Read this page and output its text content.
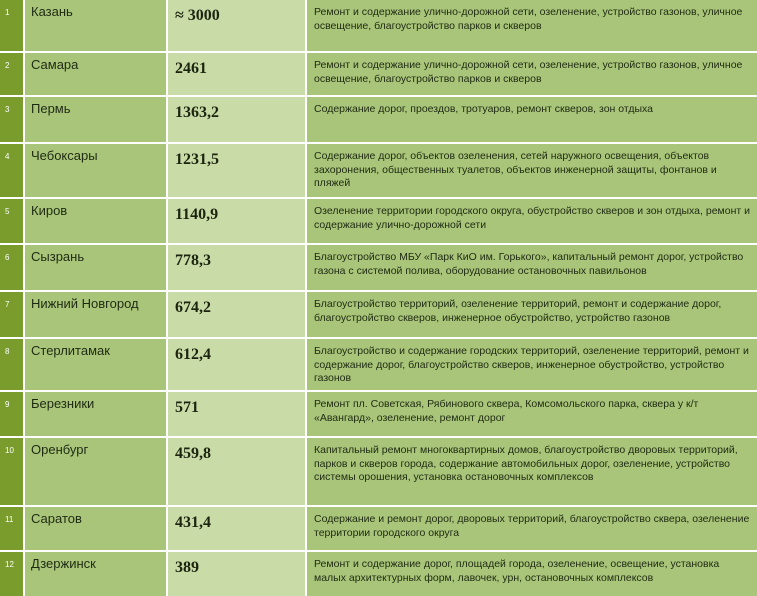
1	Казань	≈ 3000	Ремонт и содержание улично-дорожной сети, озеленение, устройство газонов, уличное освещение, благоустройство парков и скверов
2	Самара	2461	Ремонт и содержание улично-дорожной сети, озеленение, устройство газонов, уличное освещение, благоустройство парков и скверов
3	Пермь	1363,2	Содержание дорог, проездов, тротуаров, ремонт скверов, зон отдыха
4	Чебоксары	1231,5	Содержание дорог, объектов озеленения, сетей наружного освещения, объектов захоронения, общественных туалетов, объектов инженерной защиты, фонтанов и пляжей
5	Киров	1140,9	Озеленение территории городского округа, обустройство скверов и зон отдыха, ремонт и содержание улично-дорожной сети
6	Сызрань	778,3	Благоустройство МБУ «Парк КиО им. Горького», капитальный ремонт дорог, устройство газона с системой полива, оборудование остановочных павильонов
7	Нижний Новгород	674,2	Благоустройство территорий, озеленение территорий, ремонт и содержание дорог, благоустройство скверов, инженерное обустройство, устройство газонов
8	Стерлитамак	612,4	Благоустройство и содержание городских территорий, озеленение территорий, ремонт и содержание дорог, благоустройство скверов, инженерное обустройство, устройство газонов
9	Березники	571	Ремонт пл. Советская, Рябинового сквера, Комсомольского парка, сквера у к/т «Авангард», озеленение, ремонт дорог
10	Оренбург	459,8	Капитальный ремонт многоквартирных домов, благоустройство дворовых территорий, парков и скверов города, содержание автомобильных дорог, озеленение, устройство системы орошения, установка остановочных комплексов
11	Саратов	431,4	Содержание и ремонт дорог, дворовых территорий, благоустройство сквера, озеленение территории городского округа
12	Дзержинск	389	Ремонт и содержание дорог, площадей города, озеленение, освещение, установка малых архитектурных форм, лавочек, урн, остановочных комплексов
